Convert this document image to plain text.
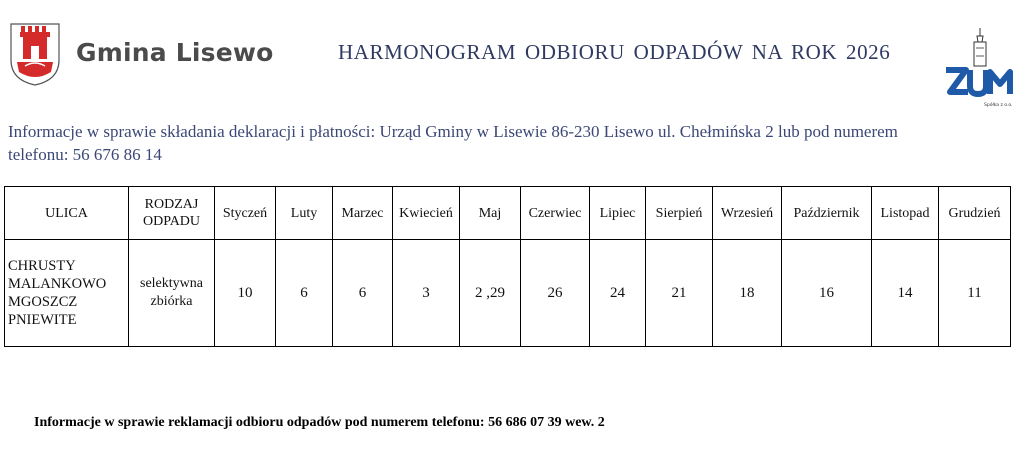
Gmina Lisewo	HARMONOGRAM ODBIORU ODPADÓW NA ROK 2026
Spółka z o.o.
Informacje w sprawie składania deklaracji i płatności: Urząd Gminy w Lisewie 86-230 Lisewo ul. Chełmińska 2 lub pod numerem telefonu: 56 676 86 14
ULICA	RODZAJ ODPADU	Styczeń	Luty	Marzec	Kwiecień	Maj	Czerwiec	Lipiec	Sierpień	Wrzesień	Październik	Listopad	Grudzień

CHRUSTY
MALANKOWO
MGOSZCZ
PNIEWITE	selektywna zbiórka	10	6	6	3	2 ,29	26	24	21	18	16	14	11
Informacje w sprawie reklamacji odbioru odpadów pod numerem telefonu: 56 686 07 39 wew. 2
